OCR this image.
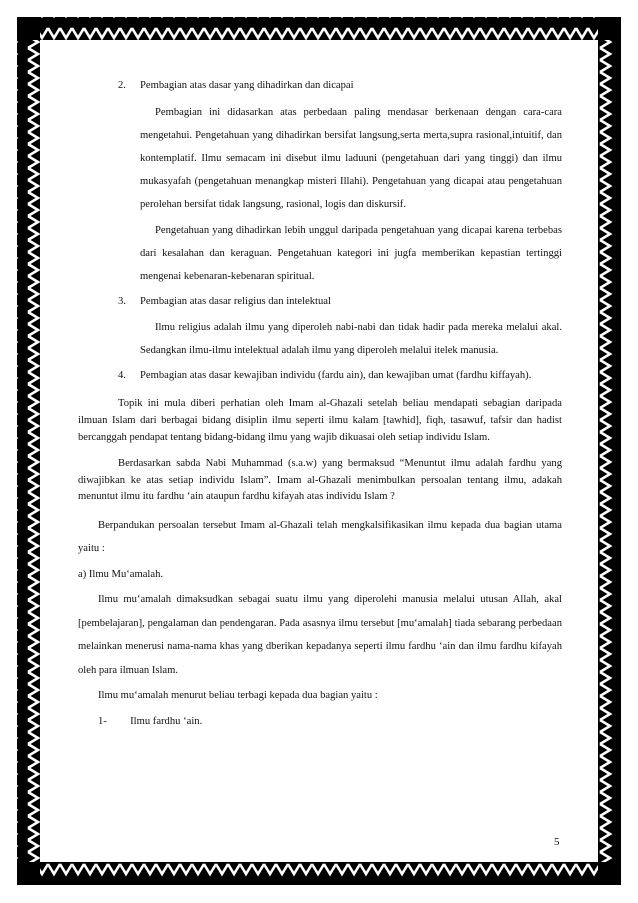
2. Pembagian atas dasar yang dihadirkan dan dicapai

Pembagian ini didasarkan atas perbedaan paling mendasar berkenaan dengan cara-cara mengetahui. Pengetahuan yang dihadirkan bersifat langsung,serta merta,supra rasional,intuitif, dan kontemplatif. Ilmu semacam ini disebut ilmu laduuni (pengetahuan dari yang tinggi) dan ilmu mukasyafah (pengetahuan menangkap misteri Illahi). Pengetahuan yang dicapai atau pengetahuan perolehan bersifat tidak langsung, rasional, logis dan diskursif.

Pengetahuan yang dihadirkan lebih unggul daripada pengetahuan yang dicapai karena terbebas dari kesalahan dan keraguan. Pengetahuan kategori ini jugfa memberikan kepastian tertinggi mengenai kebenaran-kebenaran spiritual.

3. Pembagian atas dasar religius dan intelektual

Ilmu religius adalah ilmu yang diperoleh nabi-nabi dan tidak hadir pada mereka melalui akal. Sedangkan ilmu-ilmu intelektual adalah ilmu yang diperoleh melalui itelek manusia.

4. Pembagian atas dasar kewajiban individu (fardu ain), dan kewajiban umat (fardhu kiffayah).

Topik ini mula diberi perhatian oleh Imam al-Ghazali setelah beliau mendapati sebagian daripada ilmuan Islam dari berbagai bidang disiplin ilmu seperti ilmu kalam [tawhid], fiqh, tasawuf, tafsir dan hadist bercanggah pendapat tentang bidang-bidang ilmu yang wajib dikuasai oleh setiap individu Islam.

Berdasarkan sabda Nabi Muhammad (s.a.w) yang bermaksud “Menuntut ilmu adalah fardhu yang diwajibkan ke atas setiap individu Islam”. Imam al-Ghazali menimbulkan persoalan tentang ilmu, adakah menuntut ilmu itu fardhu ‘ain ataupun fardhu kifayah atas individu Islam ?

Berpandukan persoalan tersebut Imam al-Ghazali telah mengkalsifikasikan ilmu kepada dua bagian utama yaitu :

a) Ilmu Mu‘amalah.

Ilmu mu‘amalah dimaksudkan sebagai suatu ilmu yang diperolehi manusia melalui utusan Allah, akal [pembelajaran], pengalaman dan pendengaran. Pada asasnya ilmu tersebut [mu‘amalah] tiada sebarang perbedaan melainkan menerusi nama-nama khas yang dberikan kepadanya seperti ilmu fardhu ‘ain dan ilmu fardhu kifayah oleh para ilmuan Islam.

Ilmu mu‘amalah menurut beliau terbagi kepada dua bagian yaitu :
1- Ilmu fardhu ‘ain.
5
